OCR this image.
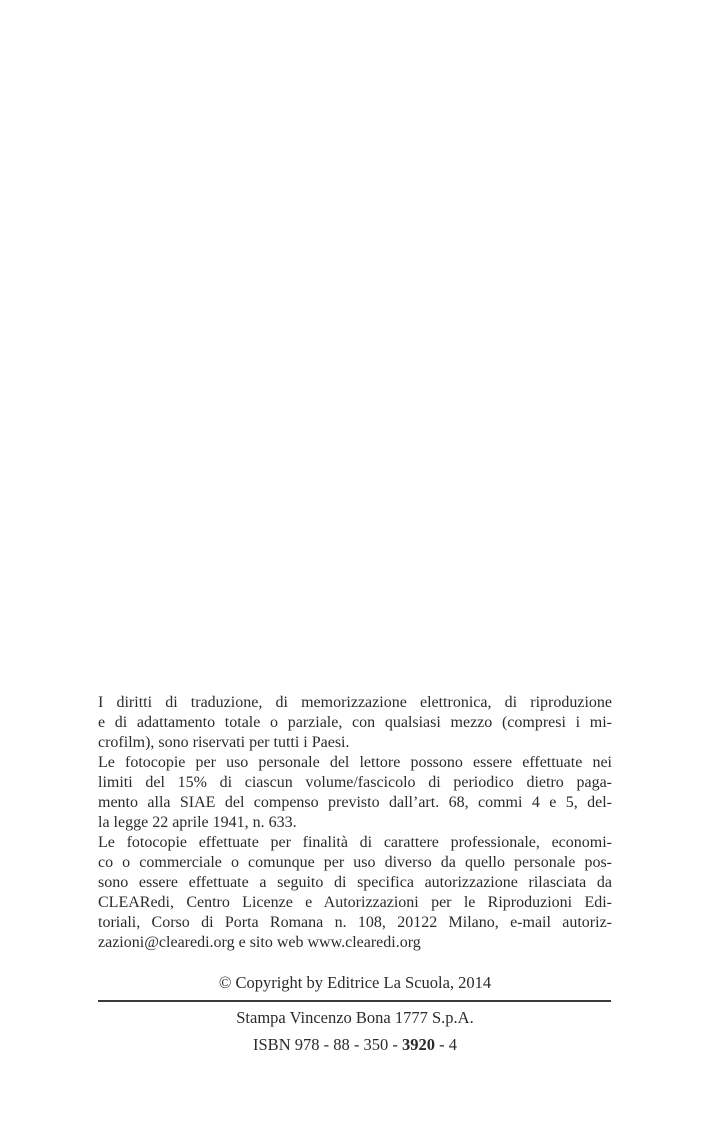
I diritti di traduzione, di memorizzazione elettronica, di riproduzione
e di adattamento totale o parziale, con qualsiasi mezzo (compresi i mi-
crofilm), sono riservati per tutti i Paesi.
Le fotocopie per uso personale del lettore possono essere effettuate nei
limiti del 15% di ciascun volume/fascicolo di periodico dietro paga-
mento alla SIAE del compenso previsto dall’art. 68, commi 4 e 5, del-
la legge 22 aprile 1941, n. 633.
Le fotocopie effettuate per finalità di carattere professionale, economi-
co o commerciale o comunque per uso diverso da quello personale pos-
sono essere effettuate a seguito di specifica autorizzazione rilasciata da
CLEARedi, Centro Licenze e Autorizzazioni per le Riproduzioni Edi-
toriali, Corso di Porta Romana n. 108, 20122 Milano, e-mail autoriz-
zazioni@clearedi.org e sito web www.clearedi.org
© Copyright by Editrice La Scuola, 2014
Stampa Vincenzo Bona 1777 S.p.A.
ISBN 978 - 88 - 350 - 3920 - 4
